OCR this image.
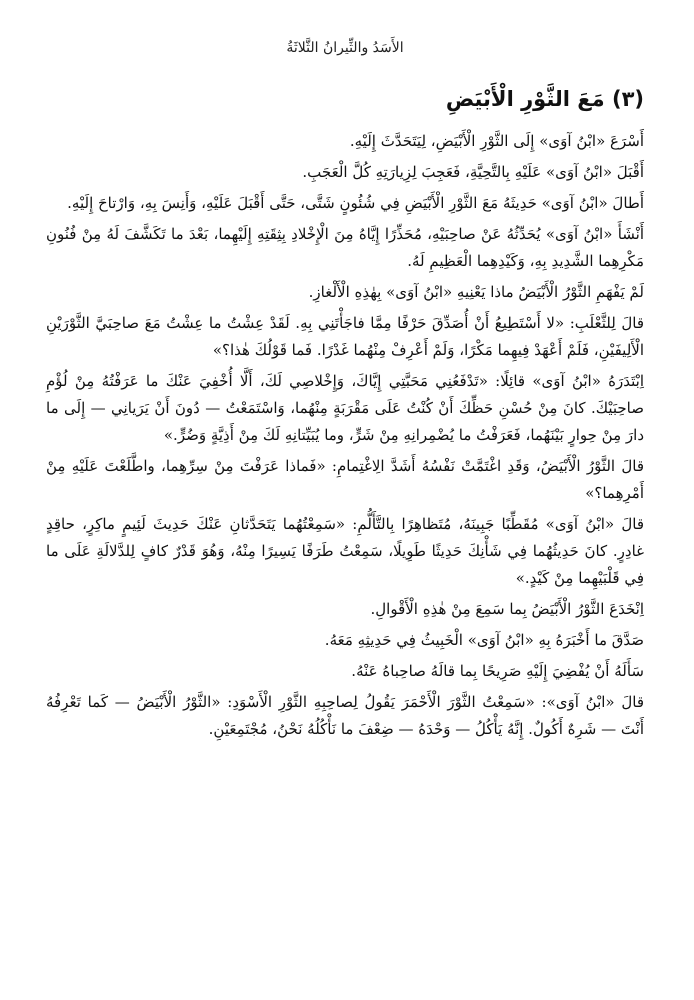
الأَسَدُ والثِّيرانُ الثَّلاثَةُ
(٣) مَعَ الثَّوْرِ الْأَبْيَضِ

أَسْرَعَ «ابْنُ آوَى» إِلَى الثَّوْرِ الْأَبْيَضِ، لِيَتَحَدَّثَ إِلَيْهِ.

أَقْبَلَ «ابْنُ آوَى» عَلَيْهِ بِالتَّحِيَّةِ، فَعَجِبَ لِزِيارَتِهِ كُلَّ الْعَجَبِ.

أَطالَ «ابْنُ آوَى» حَدِيثَهُ مَعَ الثَّوْرِ الْأَبْيَضِ فِي شُئُونٍ شَتَّى، حَتَّى أَقْبَلَ عَلَيْهِ، وَأَنِسَ بِهِ، وَارْتاحَ إِلَيْهِ.

أَنْشَأَ «ابْنُ آوَى» يُحَدِّثُهُ عَنْ صاحِبَيْهِ، مُحَذِّرًا إِيَّاهُ مِنَ الْإِخْلادِ بِثِقَتِهِ إِلَيْهِما، بَعْدَ ما تَكَشَّفَ لَهُ مِنْ فُنُونِ مَكْرِهِما الشَّدِيدِ بِهِ، وَكَيْدِهِما الْعَظِيمِ لَهُ.

لَمْ يَفْهَمِ الثَّوْرُ الْأَبْيَضُ ماذا يَعْنِيهِ «ابْنُ آوَى» بِهٰذِهِ الْأَلْغازِ.

قالَ لِلثَّعْلَبِ: «لا أَسْتَطِيعُ أَنْ أُصَدِّقَ حَرْفًا مِمَّا فاجَأْتَنِي بِهِ. لَقَدْ عِشْتُ ما عِشْتُ مَعَ صاحِبَيَّ الثَّوْرَيْنِ الْأَلِيفَيْنِ، فَلَمْ أَعْهَدْ فِيهِما مَكْرًا، وَلَمْ أَعْرِفْ مِنْهُما غَدْرًا. فَما قَوْلُكَ هٰذا؟»

اِبْتَدَرَهُ «ابْنُ آوَى» قائِلًا: «تَدْفَعُنِي مَحَبَّتِي إِيَّاكَ، وَإِخْلاصِي لَكَ، أَلَّا أُخْفِيَ عَنْكَ ما عَرَفْتُهُ مِنْ لُؤْمِ صاحِبَيْكَ. كانَ مِنْ حُسْنِ حَظِّكَ أَنْ كُنْتُ عَلَى مَقْرَبَةٍ مِنْهُما، وَاسْتَمَعْتُ — دُونَ أَنْ يَرَيانِي — إِلَى ما دارَ مِنْ حِوارٍ بَيْنَهُما، فَعَرَفْتُ ما يُضْمِرانِهِ مِنْ شَرٍّ، وما يُبَيِّتانِهِ لَكَ مِنْ أَذِيَّةٍ وَضُرٍّ.»

قالَ الثَّوْرُ الْأَبْيَضُ، وَقَدِ اغْتَمَّتْ نَفْسُهُ أَشَدَّ الِاغْتِمامِ: «فَماذا عَرَفْتَ مِنْ سِرِّهِما، واطَّلَعْتَ عَلَيْهِ مِنْ أَمْرِهِما؟»

قالَ «ابْنُ آوَى» مُقَطِّبًا جَبِينَهُ، مُتَظاهِرًا بِالتَّأَلُّمِ: «سَمِعْتُهُما يَتَحَدَّثانِ عَنْكَ حَدِيثَ لَئِيمٍ ماكِرٍ، حاقِدٍ غادِرٍ. كانَ حَدِيثُهُما فِي شَأْنِكَ حَدِيثًا طَوِيلًا، سَمِعْتُ طَرَفًا يَسِيرًا مِنْهُ، وَهُوَ قَدْرٌ كافٍ لِلدَّلالَةِ عَلَى ما فِي قَلْبَيْهِما مِنْ كَيْدٍ.»

اِنْخَدَعَ الثَّوْرُ الْأَبْيَضُ بِما سَمِعَ مِنْ هٰذِهِ الْأَقْوالِ.

صَدَّقَ ما أَخْبَرَهُ بِهِ «ابْنُ آوَى» الْخَبِيثُ فِي حَدِيثِهِ مَعَهُ.

سَأَلَهُ أَنْ يُفْضِيَ إِلَيْهِ صَرِيحًا بِما قالَهُ صاحِباهُ عَنْهُ.

قالَ «ابْنُ آوَى»: «سَمِعْتُ الثَّوْرَ الْأَحْمَرَ يَقُولُ لِصاحِبِهِ الثَّوْرِ الْأَسْوَدِ: «الثَّوْرُ الْأَبْيَضُ — كَما تَعْرِفُهُ أَنْتَ — شَرِهٌ أَكُولٌ. إِنَّهُ يَأْكُلُ — وَحْدَهُ — ضِعْفَ ما نَأْكُلُهُ نَحْنُ، مُجْتَمِعَيْنِ.
